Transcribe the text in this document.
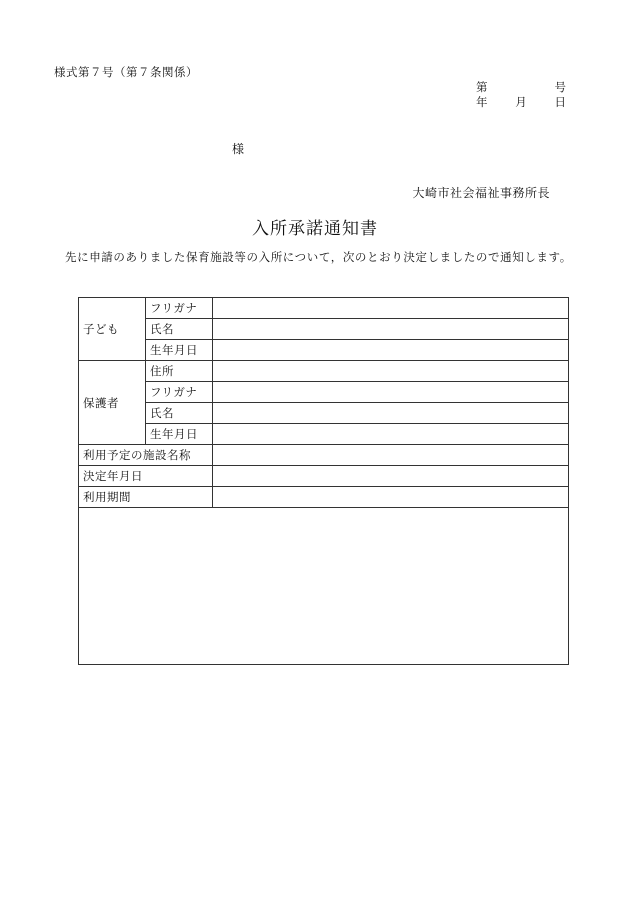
様式第７号（第７条関係）
第	号
年 月 日
様
大崎市社会福祉事務所長
入所承諾通知書
先に申請のありました保育施設等の入所について，次のとおり決定しましたので通知します。
子ども	フリガナ	
	氏名	
	生年月日	
保護者	住所	
	フリガナ	
	氏名	
	生年月日	
利用予定の施設名称		
決定年月日		
利用期間		
